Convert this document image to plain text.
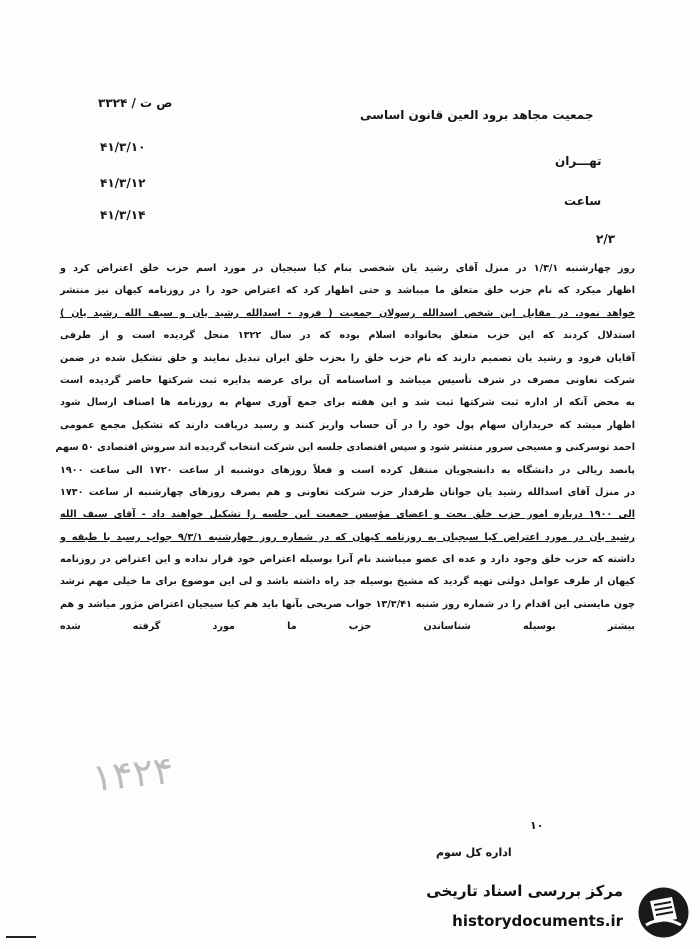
جمعیت مجاهد برود العین قانون اساسی
۳۳۲۴ / ص ت
۴۱/۳/۱۰
۴۱/۳/۱۲
۴۱/۳/۱۴
تهـــران
ساعت
۲/۳
روز چهارشنبه ۱/۳/۱ در منزل آقای رشید یان شخصی بنام کیا سیجیان در مورد اسم حزب خلق اعتراض کرد و
اظهار میکرد که نام حزب خلق متعلق ما میباشد و حتی اظهار کرد که اعتراض خود را در روزنامه کیهان نیز منتشر
خواهد نمود. در مقابل این شخص اسدالله رسولان جمعیت ( فرود - اسدالله رشید یان و سیف الله رشید یان )
استدلال کردند که این حزب متعلق بخانواده اسلام بوده که در سال ۱۳۲۲ منحل گردیده است و از طرفی
آقایان فرود و رشید یان تصمیم دارند که نام حزب خلق را بحزب خلق ایران تبدیل نمایند و خلق تشکیل شده در ضمن
شرکت تعاونی مصرف در شرف تأسیس میباشد و اساسنامه آن برای عرضه بدایره ثبت شرکتها حاضر گردیده است
به محض آنکه از اداره ثبت شرکتها ثبت شد و این هفته برای جمع آوری سهام به روزنامه ها اصناف ارسال شود
اظهار میشد که خریداران سهام پول خود را در آن حساب واریز کنند و رسید دریافت دارند که تشکیل مجمع عمومی
احمد توسرکنی و مسیحی سرور منتشر شود و سپس اقتصادی جلسه این شرکت انتخاب گردیده اند سروش اقتصادی ۵۰ سهم
پانصد ریالی در دانشگاه به دانشجویان منتقل کرده است و فعلاً روزهای دوشنبه از ساعت ۱۷۲۰ الی ساعت ۱۹۰۰
در منزل آقای اسدالله رشید یان جوانان طرفدار حزب شرکت تعاونی و هم بصرف روزهای چهارشنبه از ساعت ۱۷۳۰
الی ۱۹۰۰ درباره امور حزب خلق بحث و اعضای مؤسس جمعیت این جلسه را تشکیل خواهند داد - آقای سیف الله
رشید یان در مورد اعتراض کیا سیجیان به روزنامه کیهان که در شماره روز چهارشنبه ۹/۳/۱ جواب رسید با طبقه و
داشته که حزب خلق وجود دارد و عده ای عضو میباشند نام آنرا بوسیله اعتراض خود قرار نداده و این اعتراض در روزنامه
کیهان از طرف عوامل دولتی تهیه گردید که مشیخ بوسیله جد راه داشته باشد و لی این موضوع برای ما خیلی مهم ترشد
چون مایستی این اقدام را در شماره روز شنبه ۱۳/۳/۴۱ جواب صریحی بآنها باید هم کیا سیجیان اعتراض مژور میاشد و هم
بیشتر بوسیله شناساندن حزب ما مورد گرفته شده
۱۴۲۴
۱۰
اداره کل سوم
مرکز بررسی اسناد تاریخی
historydocuments.ir
